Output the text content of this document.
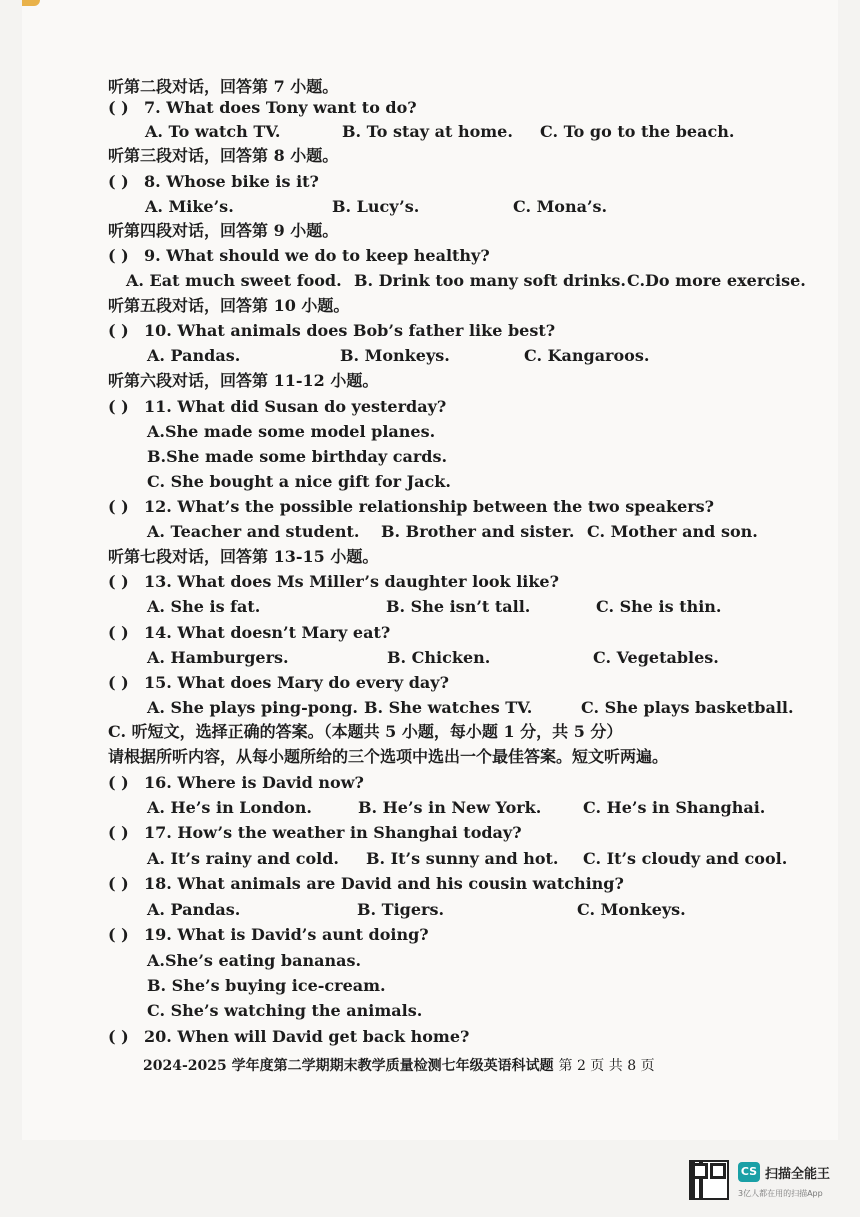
听第二段对话，回答第 7 小题。
( ) 7. What does Tony want to do?
A. To watch TV.	B. To stay at home. C. To go to the beach.
听第三段对话，回答第 8 小题。
( ) 8. Whose bike is it?
A. Mike’s.	B. Lucy’s.	C. Mona’s.
听第四段对话，回答第 9 小题。
( ) 9. What should we do to keep healthy?
A. Eat much sweet food. B. Drink too many soft drinks. C.Do more exercise.
听第五段对话，回答第 10 小题。
( ) 10. What animals does Bob’s father like best?
A. Pandas.	B. Monkeys.	C. Kangaroos.
听第六段对话，回答第 11-12 小题。
( ) 11. What did Susan do yesterday?
A.She made some model planes.
B.She made some birthday cards.
C. She bought a nice gift for Jack.
( ) 12. What’s the possible relationship between the two speakers?
A. Teacher and student. B. Brother and sister. C. Mother and son.
听第七段对话，回答第 13-15 小题。
( ) 13. What does Ms Miller’s daughter look like?
A. She is fat.	B. She isn’t tall.	C. She is thin.
( ) 14. What doesn’t Mary eat?
A. Hamburgers.	B. Chicken.	C. Vegetables.
( ) 15. What does Mary do every day?
A. She plays ping-pong. B. She watches TV.	C. She plays basketball.
C. 听短文，选择正确的答案。（本题共 5 小题，每小题 1 分，共 5 分）
请根据所听内容，从每小题所给的三个选项中选出一个最佳答案。短文听两遍。
( ) 16. Where is David now?
A. He’s in London.	B. He’s in New York.	C. He’s in Shanghai.
( ) 17. How’s the weather in Shanghai today?
A. It’s rainy and cold. B. It’s sunny and hot. C. It’s cloudy and cool.
( ) 18. What animals are David and his cousin watching?
A. Pandas.	B. Tigers.	C. Monkeys.
( ) 19. What is David’s aunt doing?
A.She’s eating bananas.
B. She’s buying ice-cream.
C. She’s watching the animals.
( ) 20. When will David get back home?
2024-2025 学年度第二学期期末教学质量检测七年级英语科试题 第 2 页 共 8 页
CS 扫描全能王
3亿人都在用的扫描App
